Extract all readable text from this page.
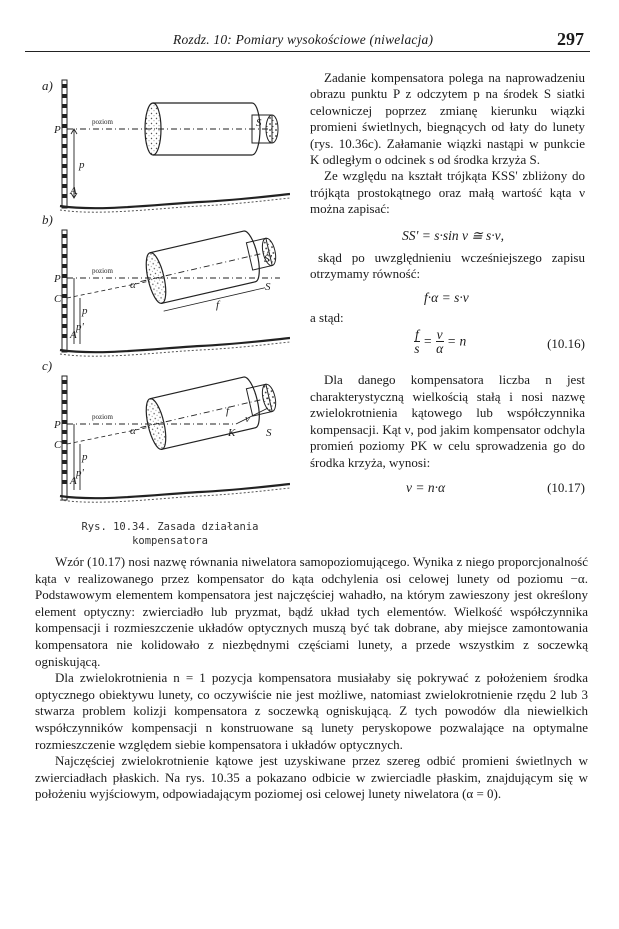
Rozdz. 10: Pomiary wysokościowe (niwelacja)	297
a)
poziom
P
S
p
A
b)
poziom
α
P
C
S'
S
f
p
p'
A
c)
poziom
α	K
ν
f
P
C
S
p
p'
A
Rys. 10.34. Zasada działania
kompensatora

Zadanie kompensatora polega na naprowadzeniu obrazu punktu P z odczytem p na środek S siatki celowniczej poprzez zmianę kierunku wiązki promieni świetlnych, biegnących od łaty do lunety (rys. 10.36c). Załamanie wiązki nastąpi w punkcie K odległym o odcinek s od środka krzyża S.

Ze względu na kształt trójkąta KSS' zbliżony do trójkąta prostokątnego oraz małą wartość kąta ν można zapisać:

SS' = s·sin ν ≅ s·ν,

skąd po uwzględnieniu wcześniejszego zapisu otrzymamy równość:

f·α = s·ν
a stąd:
$\frac{f}{s} = \frac{\nu}{\alpha} = n$	(10.16)

Dla danego kompensatora liczba n jest charakterystyczną wielkością stałą i nosi nazwę zwielokrotnienia kątowego lub współczynnika kompensacji. Kąt ν, pod jakim kompensator odchyla promień poziomy PK w celu sprowadzenia go do środka krzyża, wynosi:

ν = n·α	(10.17)

Wzór (10.17) nosi nazwę równania niwelatora samopoziomującego. Wynika z niego proporcjonalność kąta ν realizowanego przez kompensator do kąta odchylenia osi celowej lunety od poziomu −α. Podstawowym elementem kompensatora jest najczęściej wahadło, na którym zawieszony jest określony element optyczny: zwierciadło lub pryzmat, bądź układ tych elementów. Wielkość współczynnika kompensacji i rozmieszczenie układów optycznych muszą być tak dobrane, aby miejsce zamontowania kompensatora nie kolidowało z niezbędnymi częściami lunety, a przede wszystkim z soczewką ogniskującą.

Dla zwielokrotnienia n = 1 pozycja kompensatora musiałaby się pokrywać z położeniem środka optycznego obiektywu lunety, co oczywiście nie jest możliwe, natomiast zwielokrotnienie rzędu 2 lub 3 stwarza problem kolizji kompensatora z soczewką ogniskującą. Z tych powodów dla niewielkich współczynników kompensacji n konstruowane są lunety peryskopowe pozwalające na optymalne rozmieszczenie względem siebie kompensatora i układów optycznych.

Najczęściej zwielokrotnienie kątowe jest uzyskiwane przez szereg odbić promieni świetlnych w zwierciadłach płaskich. Na rys. 10.35 a pokazano odbicie w zwierciadle płaskim, znajdującym się w położeniu wyjściowym, odpowiadającym poziomej osi celowej lunety niwelatora (α = 0).
